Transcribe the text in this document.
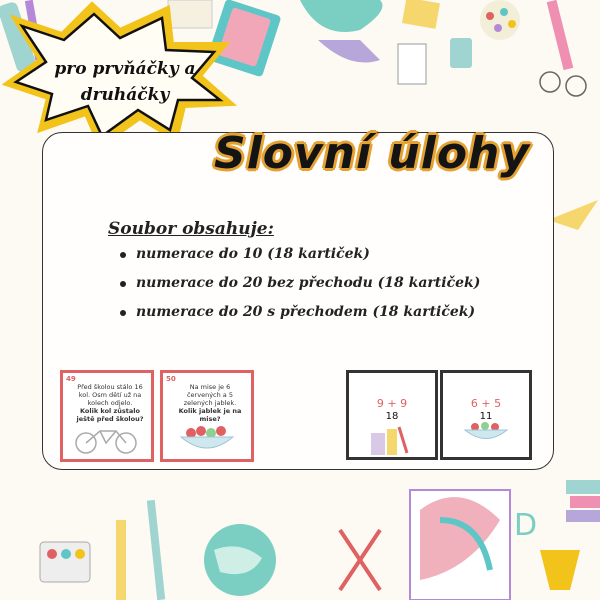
D
pro prvňáčky a druháčky
Slovní úlohy
Soubor obsahuje:
numerace do 10 (18 kartiček)
numerace do 20 bez přechodu (18 kartiček)
numerace do 20 s přechodem (18 kartiček)
49
Před školou stálo 16 kol. Osm dětí už na kolech odjelo.
Kolik kol zůstalo ještě před školou?
50
Na mise je 6 červených a 5 zelených jablek.
Kolik jablek je na mise?
9 + 9
18
6 + 5
11
